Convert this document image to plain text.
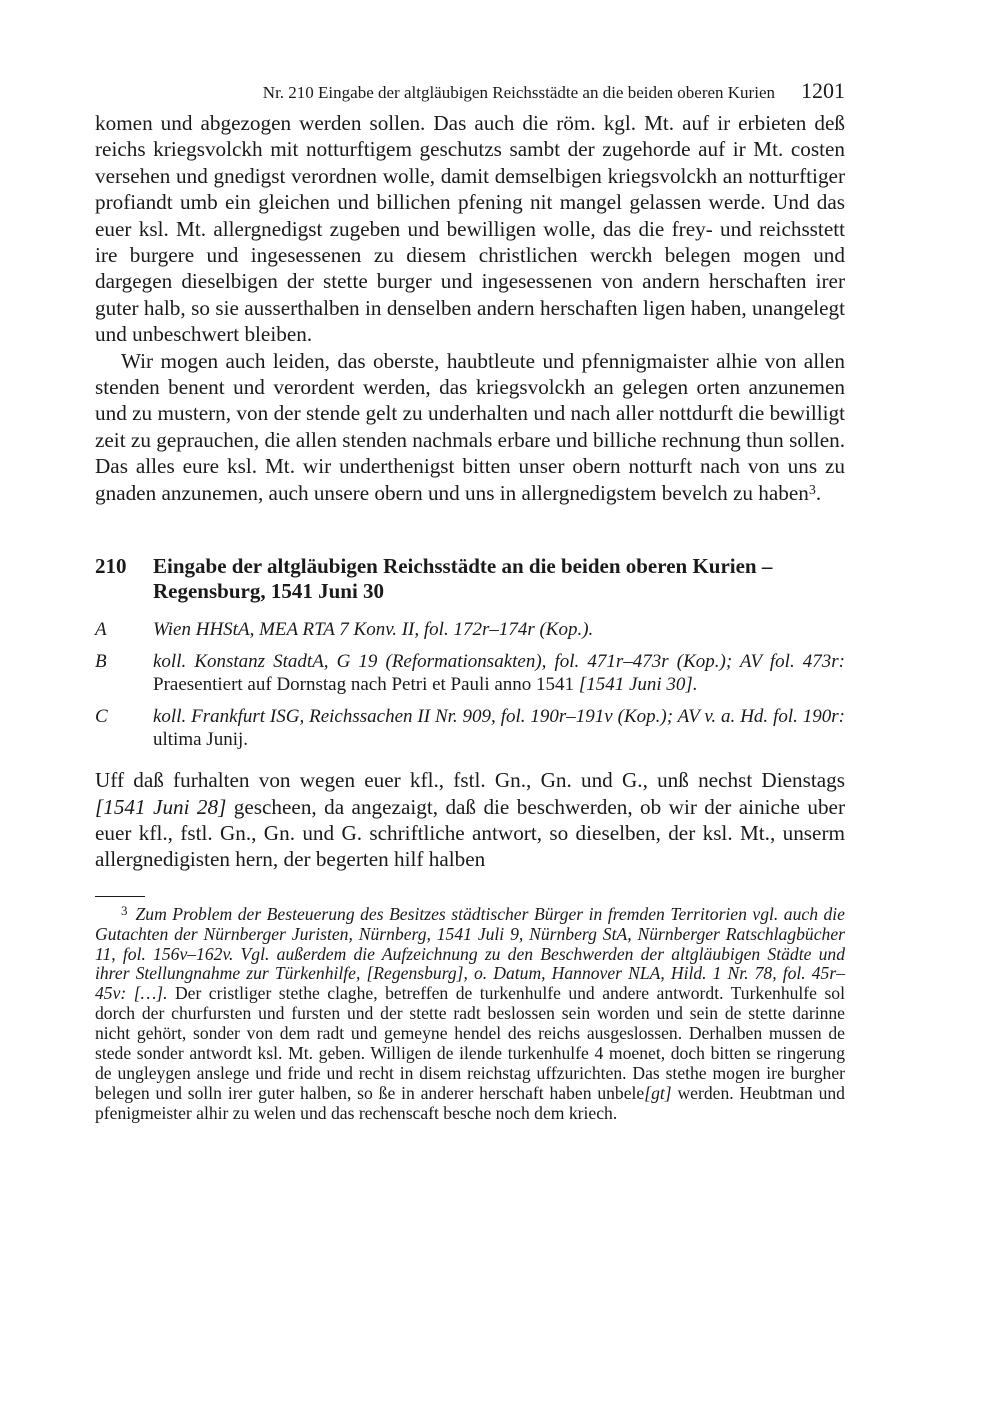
Nr. 210 Eingabe der altgläubigen Reichsstädte an die beiden oberen Kurien 1201

komen und abgezogen werden sollen. Das auch die röm. kgl. Mt. auf ir erbieten deß reichs kriegsvolckh mit notturftigem geschutzs sambt der zugehorde auf ir Mt. costen versehen und gnedigst verordnen wolle, damit demselbigen kriegsvolckh an notturftiger profiandt umb ein gleichen und billichen pfening nit mangel gelassen werde. Und das euer ksl. Mt. allergnedigst zugeben und bewilligen wolle, das die frey- und reichsstett ire burgere und ingesessenen zu diesem christlichen werckh belegen mogen und dargegen dieselbigen der stette burger und ingesessenen von andern herschaften irer guter halb, so sie ausserthalben in denselben andern herschaften ligen haben, unangelegt und unbeschwert bleiben.

Wir mogen auch leiden, das oberste, haubtleute und pfennigmaister alhie von allen stenden benent und verordent werden, das kriegsvolckh an gelegen orten anzunemen und zu mustern, von der stende gelt zu underhalten und nach aller nottdurft die bewilligt zeit zu geprauchen, die allen stenden nachmals erbare und billiche rechnung thun sollen. Das alles eure ksl. Mt. wir underthenigst bitten unser obern notturft nach von uns zu gnaden anzunemen, auch unsere obern und uns in allergnedigstem bevelch zu haben$^3$.

210	Eingabe der altgläubigen Reichsstädte an die beiden oberen Kurien – Regensburg, 1541 Juni 30
A	Wien HHStA, MEA RTA 7 Konv. II, fol. 172r–174r (Kop.).
B	koll. Konstanz StadtA, G 19 (Reformationsakten), fol. 471r–473r (Kop.); AV fol. 473r: Praesentiert auf Dornstag nach Petri et Pauli anno 1541 [1541 Juni 30].
C	koll. Frankfurt ISG, Reichssachen II Nr. 909, fol. 190r–191v (Kop.); AV v. a. Hd. fol. 190r: ultima Junij.

Uff daß furhalten von wegen euer kfl., fstl. Gn., Gn. und G., unß nechst Dienstags [1541 Juni 28] gescheen, da angezaigt, daß die beschwerden, ob wir der ainiche uber euer kfl., fstl. Gn., Gn. und G. schriftliche antwort, so dieselben, der ksl. Mt., unserm allergnedigisten hern, der begerten hilf halben

$^3$ Zum Problem der Besteuerung des Besitzes städtischer Bürger in fremden Territorien vgl. auch die Gutachten der Nürnberger Juristen, Nürnberg, 1541 Juli 9, Nürnberg StA, Nürnberger Ratschlagbücher 11, fol. 156v–162v. Vgl. außerdem die Aufzeichnung zu den Beschwerden der altgläubigen Städte und ihrer Stellungnahme zur Türkenhilfe, [Regensburg], o. Datum, Hannover NLA, Hild. 1 Nr. 78, fol. 45r–45v: […]. Der cristliger stethe claghe, betreffen de turkenhulfe und andere antwordt. Turkenhulfe sol dorch der churfursten und fursten und der stette radt beslossen sein worden und sein de stette darinne nicht gehört, sonder von dem radt und gemeyne hendel des reichs ausgeslossen. Derhalben mussen de stede sonder antwordt ksl. Mt. geben. Willigen de ilende turkenhulfe 4 moenet, doch bitten se ringerung de ungleygen anslege und fride und recht in disem reichstag uffzurichten. Das stethe mogen ire burgher belegen und solln irer guter halben, so ße in anderer herschaft haben unbele[gt] werden. Heubtman und pfenigmeister alhir zu welen und das rechenscaft besche noch dem kriech.
